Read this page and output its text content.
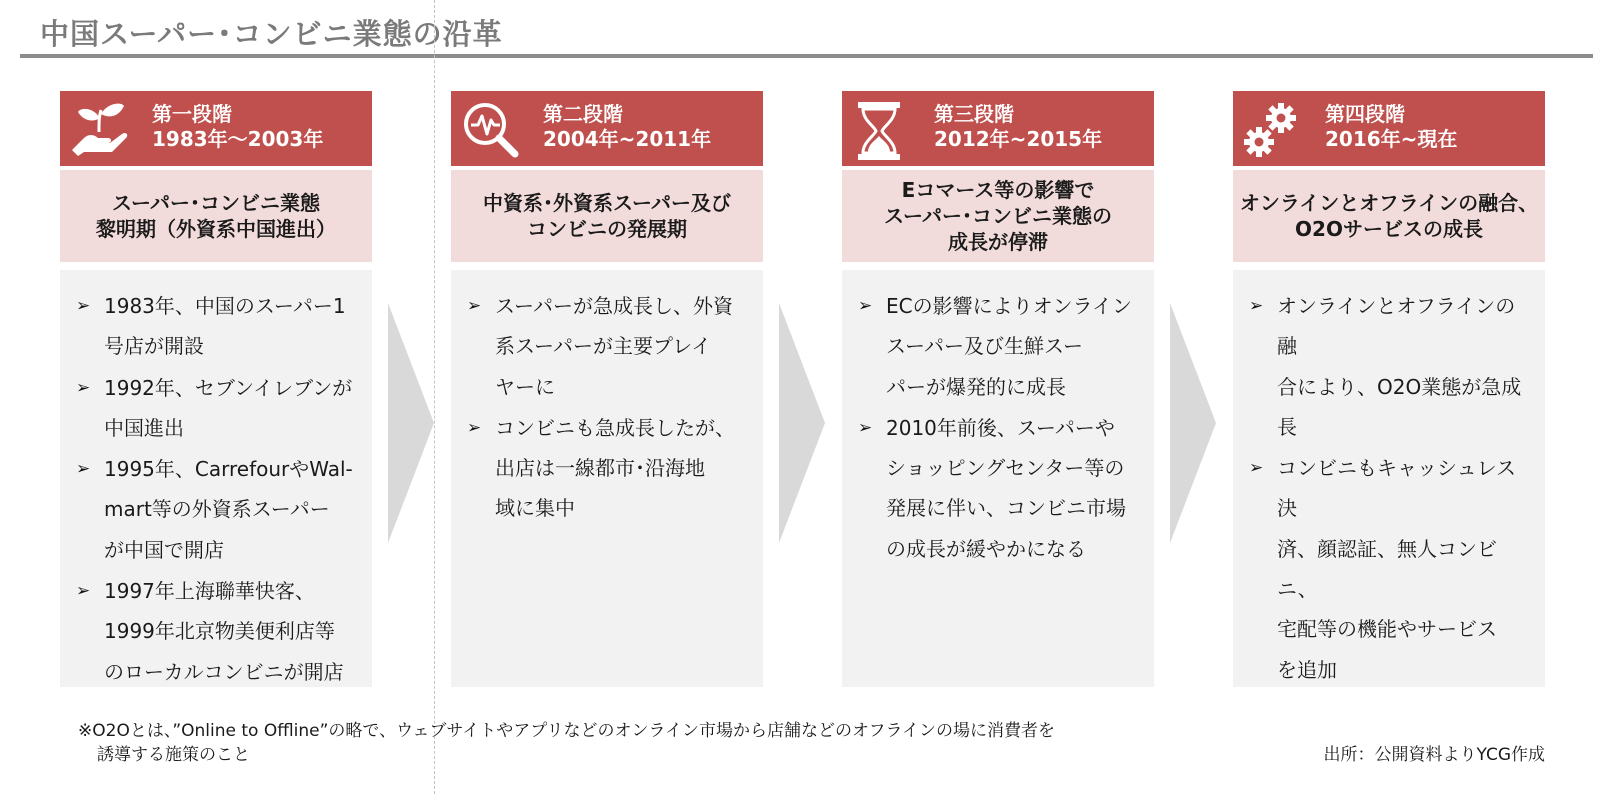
中国スーパー･コンビニ業態の沿革
第一段階
1983年～2003年
スーパー･コンビニ業態
黎明期（外資系中国進出）
➢ 1983年、中国のスーパー1
号店が開設
➢ 1992年、セブンイレブンが
中国進出
➢ 1995年、CarrefourやWal-
mart等の外資系スーパー
が中国で開店
➢ 1997年上海聯華快客、
1999年北京物美便利店等
のローカルコンビニが開店
第二段階
2004年~2011年
中資系･外資系スーパー及び
コンビニの発展期
➢ スーパーが急成長し、外資
系スーパーが主要プレイ
ヤーに
➢ コンビニも急成長したが、
出店は一線都市･沿海地
域に集中
第三段階
2012年~2015年
Eコマース等の影響で
スーパー･コンビニ業態の
成長が停滞
➢ ECの影響によりオンライン
スーパー及び生鮮スー
パーが爆発的に成長
➢ 2010年前後、スーパーや
ショッピングセンター等の
発展に伴い、コンビニ市場
の成長が緩やかになる
第四段階
2016年~現在
オンラインとオフラインの融合、
O2Oサービスの成長
➢ オンラインとオフラインの融
合により、O2O業態が急成
長
➢ コンビニもキャッシュレス決
済、顔認証、無人コンビニ、
宅配等の機能やサービス
を追加
※O2Oとは、”Online to Offline”の略で、ウェブサイトやアプリなどのオンライン市場から店舗などのオフラインの場に消費者を
誘導する施策のこと	出所：公開資料よりYCG作成
